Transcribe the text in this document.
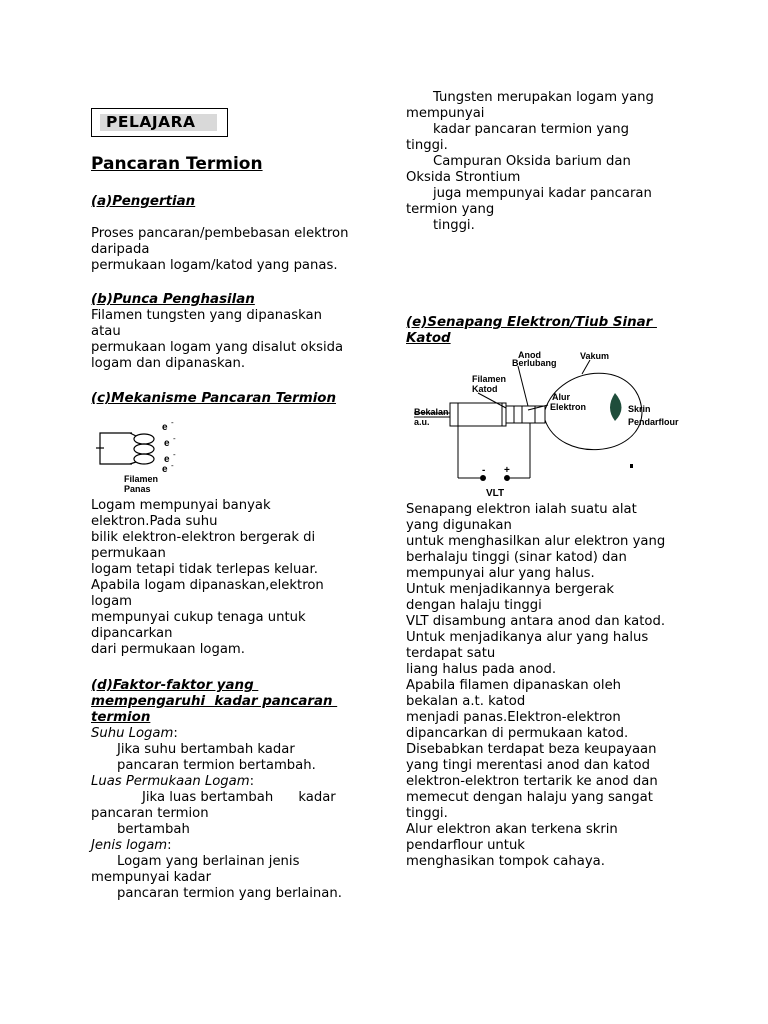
PELAJARA
Pancaran Termion
(a)Pengertian
Proses pancaran/pembebasan elektron
daripada
permukaan logam/katod yang panas.
(b)Punca Penghasilan
Filamen tungsten yang dipanaskan
atau
permukaan logam yang disalut oksida
logam dan dipanaskan.
(c)Mekanisme Pancaran Termion
e -
e -
e -
e -
Filamen
Panas
Logam mempunyai banyak
elektron.Pada suhu
bilik elektron-elektron bergerak di
permukaan
logam tetapi tidak terlepas keluar.
Apabila logam dipanaskan,elektron
logam
mempunyai cukup tenaga untuk
dipancarkan
dari permukaan logam.
(d)Faktor-faktor yang
mempengaruhi  kadar pancaran
termion
Suhu Logam:
Jika suhu bertambah kadar
pancaran termion bertambah.
Luas Permukaan Logam:
Jika luas bertambah      kadar
pancaran termion
bertambah
Jenis logam:
Logam yang berlainan jenis
mempunyai kadar
pancaran termion yang berlainan.
Tungsten merupakan logam yang
mempunyai
kadar pancaran termion yang
tinggi.
Campuran Oksida barium dan
Oksida Strontium
juga mempunyai kadar pancaran
termion yang
tinggi.
(e)Senapang Elektron/Tiub Sinar
Katod
Anod
Berlubang
Vakum
Filamen
Katod
Alur
Elektron
Bekalan
a.u.
Skrin
Pendarflour
- +
VLT
Senapang elektron ialah suatu alat
yang digunakan
untuk menghasilkan alur elektron yang
berhalaju tinggi (sinar katod) dan
mempunyai alur yang halus.
Untuk menjadikannya bergerak
dengan halaju tinggi
VLT disambung antara anod dan katod.
Untuk menjadikanya alur yang halus
terdapat satu
liang halus pada anod.
Apabila filamen dipanaskan oleh
bekalan a.t. katod
menjadi panas.Elektron-elektron
dipancarkan di permukaan katod.
Disebabkan terdapat beza keupayaan
yang tingi merentasi anod dan katod
elektron-elektron tertarik ke anod dan
memecut dengan halaju yang sangat
tinggi.
Alur elektron akan terkena skrin
pendarflour untuk
menghasikan tompok cahaya.
